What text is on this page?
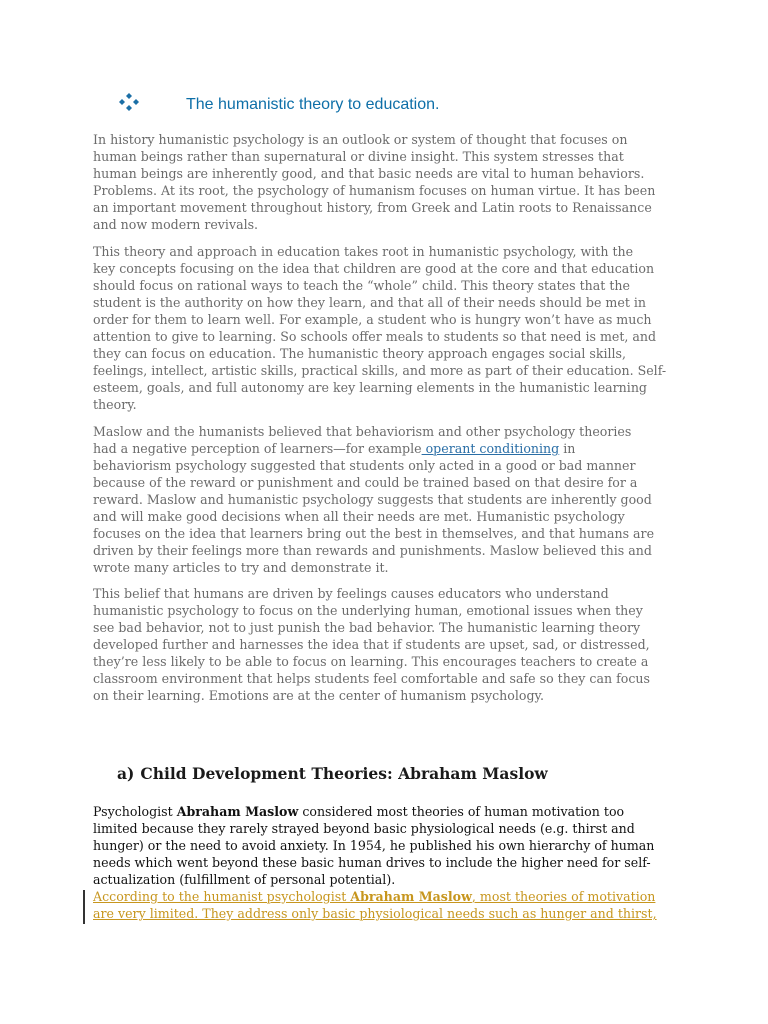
The humanistic theory to education.
In history humanistic psychology is an outlook or system of thought that focuses on
human beings rather than supernatural or divine insight. This system stresses that
human beings are inherently good, and that basic needs are vital to human behaviors.
Problems. At its root, the psychology of humanism focuses on human virtue. It has been
an important movement throughout history, from Greek and Latin roots to Renaissance
and now modern revivals.
This theory and approach in education takes root in humanistic psychology, with the
key concepts focusing on the idea that children are good at the core and that education
should focus on rational ways to teach the “whole” child. This theory states that the
student is the authority on how they learn, and that all of their needs should be met in
order for them to learn well. For example, a student who is hungry won’t have as much
attention to give to learning. So schools offer meals to students so that need is met, and
they can focus on education. The humanistic theory approach engages social skills,
feelings, intellect, artistic skills, practical skills, and more as part of their education. Self-
esteem, goals, and full autonomy are key learning elements in the humanistic learning
theory.
Maslow and the humanists believed that behaviorism and other psychology theories
had a negative perception of learners—for example operant conditioning in
behaviorism psychology suggested that students only acted in a good or bad manner
because of the reward or punishment and could be trained based on that desire for a
reward. Maslow and humanistic psychology suggests that students are inherently good
and will make good decisions when all their needs are met. Humanistic psychology
focuses on the idea that learners bring out the best in themselves, and that humans are
driven by their feelings more than rewards and punishments. Maslow believed this and
wrote many articles to try and demonstrate it.
This belief that humans are driven by feelings causes educators who understand
humanistic psychology to focus on the underlying human, emotional issues when they
see bad behavior, not to just punish the bad behavior. The humanistic learning theory
developed further and harnesses the idea that if students are upset, sad, or distressed,
they’re less likely to be able to focus on learning. This encourages teachers to create a
classroom environment that helps students feel comfortable and safe so they can focus
on their learning. Emotions are at the center of humanism psychology.
a) Child Development Theories: Abraham Maslow
Psychologist Abraham Maslow considered most theories of human motivation too
limited because they rarely strayed beyond basic physiological needs (e.g. thirst and
hunger) or the need to avoid anxiety. In 1954, he published his own hierarchy of human
needs which went beyond these basic human drives to include the higher need for self-
actualization (fulfillment of personal potential).
According to the humanist psychologist Abraham Maslow, most theories of motivation
are very limited. They address only basic physiological needs such as hunger and thirst,
